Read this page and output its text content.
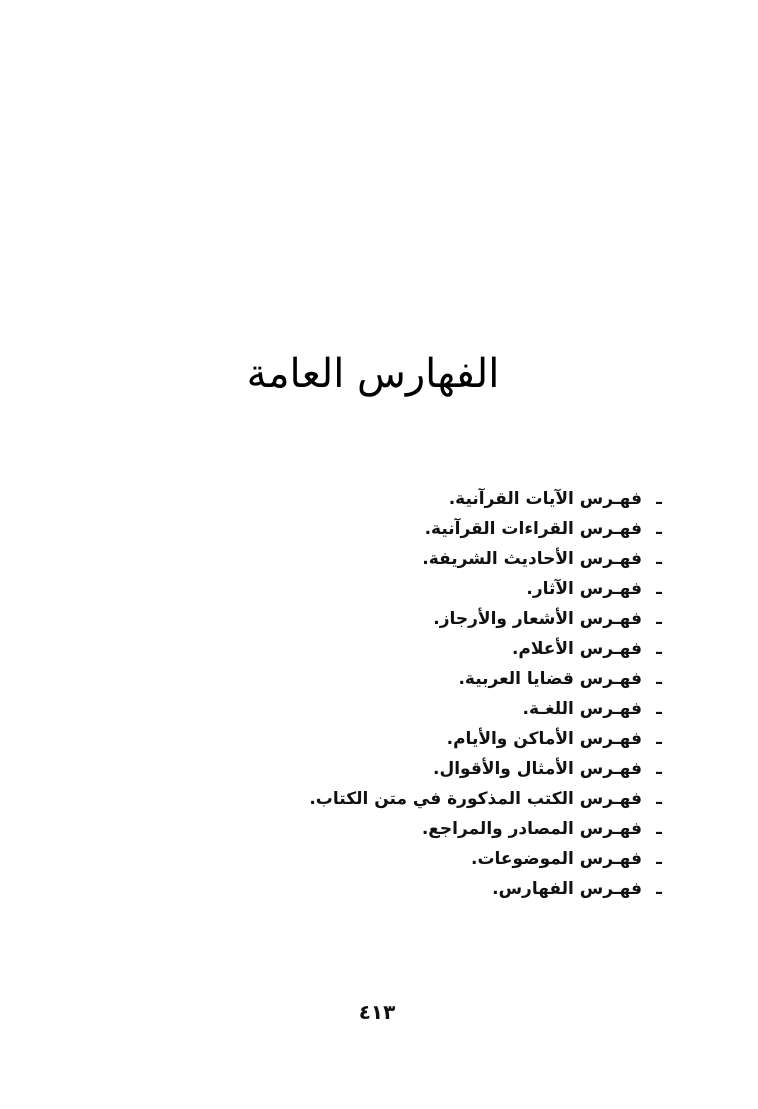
الفهارس العامة
ـفهـرس الآيات القرآنية.
ـفهـرس القراءات القرآنية.
ـفهـرس الأحاديث الشريفة.
ـفهـرس الآثار.
ـفهـرس الأشعار والأرجاز.
ـفهـرس الأعلام.
ـفهـرس قضايا العربية.
ـفهـرس اللغـة.
ـفهـرس الأماكن والأيام.
ـفهـرس الأمثال والأقوال.
ـفهـرس الكتب المذكورة في متن الكتاب.
ـفهـرس المصادر والمراجع.
ـفهـرس الموضوعات.
ـفهـرس الفهارس.
٤١٣
